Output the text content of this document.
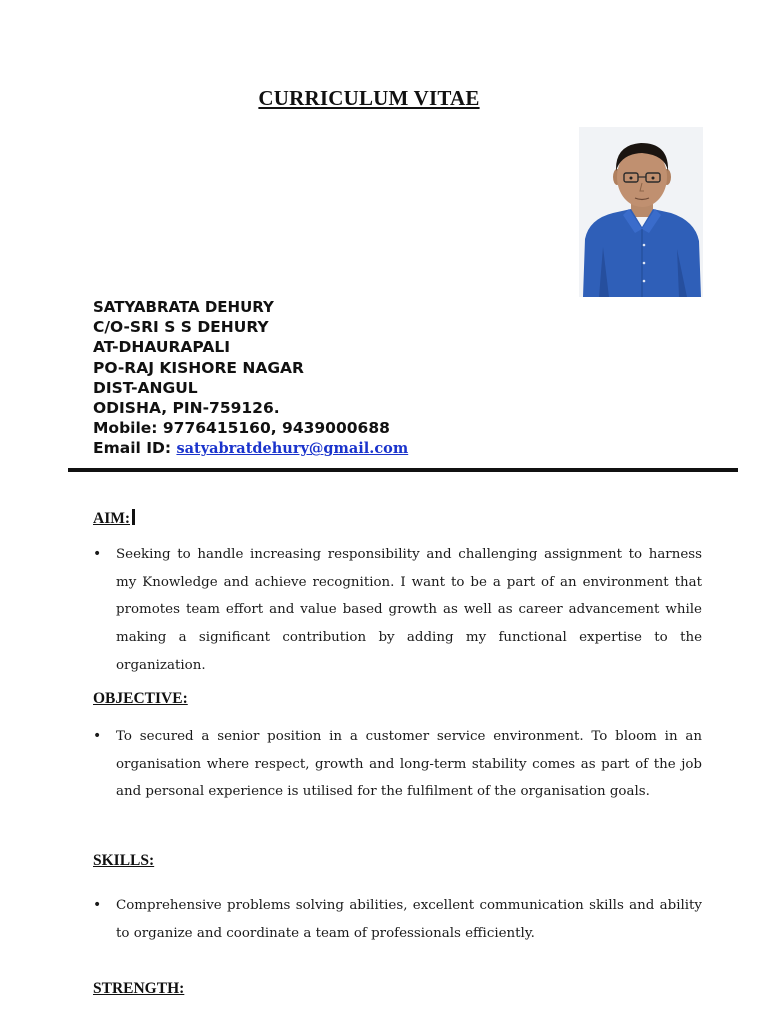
CURRICULUM VITAE
SATYABRATA DEHURY
C/O-SRI S S DEHURY
AT-DHAURAPALI
PO-RAJ KISHORE NAGAR
DIST-ANGUL
ODISHA, PIN-759126.
Mobile: 9776415160, 9439000688
Email ID: satyabratdehury@gmail.com
AIM:
• Seeking to handle increasing responsibility and challenging assignment to harness my Knowledge and achieve recognition. I want to be a part of an environment that promotes team effort and value based growth as well as career advancement while making a significant contribution by adding my functional expertise to the organization.
OBJECTIVE:
• To secured a senior position in a customer service environment. To bloom in an organisation where respect, growth and long-term stability comes as part of the job and personal experience is utilised for the fulfilment of the organisation goals.
SKILLS:
• Comprehensive problems solving abilities, excellent communication skills and ability to organize and coordinate a team of professionals efficiently.
STRENGTH:
